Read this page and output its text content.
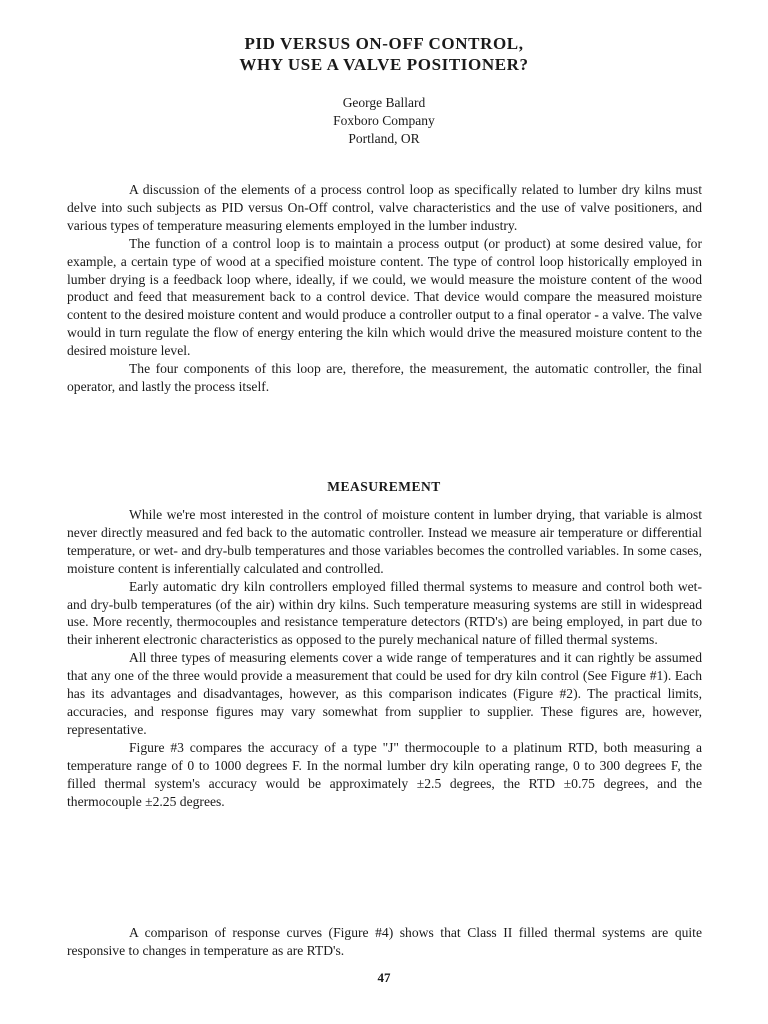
PID VERSUS ON-OFF CONTROL,
WHY USE A VALVE POSITIONER?
George Ballard
Foxboro Company
Portland, OR

A discussion of the elements of a process control loop as specifically related to lumber dry kilns must delve into such subjects as PID versus On-Off control, valve characteristics and the use of valve positioners, and various types of temperature measuring elements employed in the lumber industry.

The function of a control loop is to maintain a process output (or product) at some desired value, for example, a certain type of wood at a specified moisture content. The type of control loop historically employed in lumber drying is a feedback loop where, ideally, if we could, we would measure the moisture content of the wood product and feed that measurement back to a control device. That device would compare the measured moisture content to the desired moisture content and would produce a controller output to a final operator - a valve. The valve would in turn regulate the flow of energy entering the kiln which would drive the measured moisture content to the desired moisture level.

The four components of this loop are, therefore, the measurement, the automatic controller, the final operator, and lastly the process itself.

MEASUREMENT

While we're most interested in the control of moisture content in lumber drying, that variable is almost never directly measured and fed back to the automatic controller. Instead we measure air temperature or differential temperature, or wet- and dry-bulb temperatures and those variables becomes the controlled variables. In some cases, moisture content is inferentially calculated and controlled.

Early automatic dry kiln controllers employed filled thermal systems to measure and control both wet- and dry-bulb temperatures (of the air) within dry kilns. Such temperature measuring systems are still in widespread use. More recently, thermocouples and resistance temperature detectors (RTD's) are being employed, in part due to their inherent electronic characteristics as opposed to the purely mechanical nature of filled thermal systems.

All three types of measuring elements cover a wide range of temperatures and it can rightly be assumed that any one of the three would provide a measurement that could be used for dry kiln control (See Figure #1). Each has its advantages and disadvantages, however, as this comparison indicates (Figure #2). The practical limits, accuracies, and response figures may vary somewhat from supplier to supplier. These figures are, however, representative.

Figure #3 compares the accuracy of a type "J" thermocouple to a platinum RTD, both measuring a temperature range of 0 to 1000 degrees F. In the normal lumber dry kiln operating range, 0 to 300 degrees F, the filled thermal system's accuracy would be approximately ±2.5 degrees, the RTD ±0.75 degrees, and the thermocouple ±2.25 degrees.

A comparison of response curves (Figure #4) shows that Class II filled thermal systems are quite responsive to changes in temperature as are RTD's.

47
